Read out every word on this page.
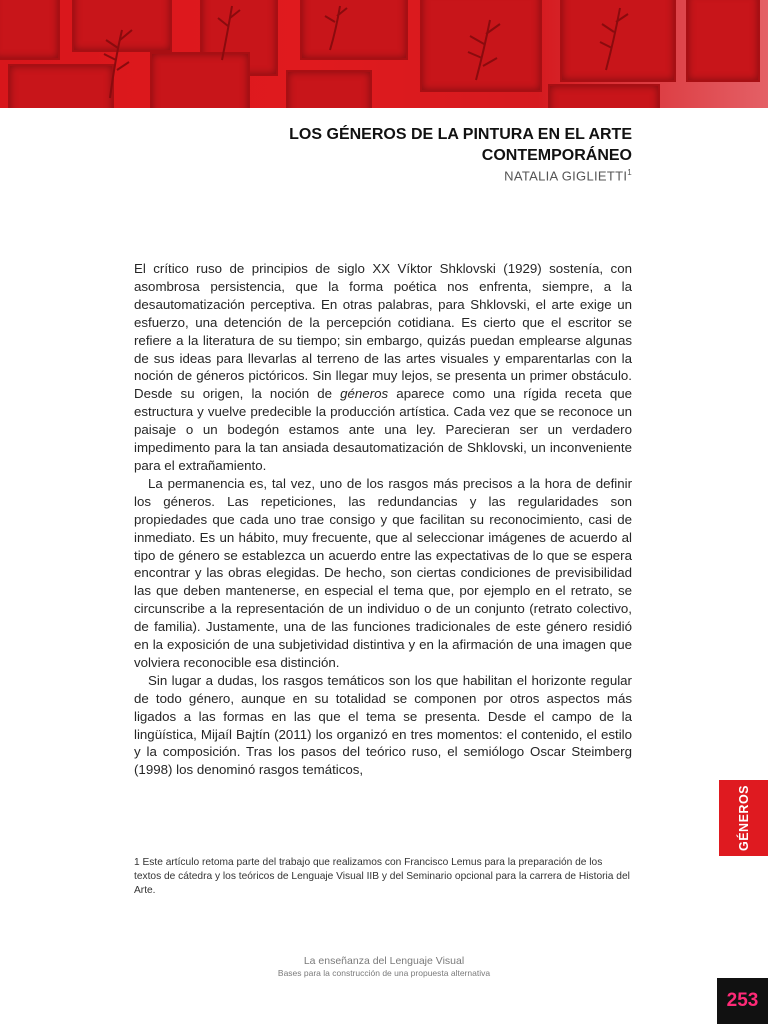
LOS GÉNEROS DE LA PINTURA EN EL ARTE
CONTEMPORÁNEO
NATALIA GIGLIETTI$^1$

El crítico ruso de principios de siglo XX Víktor Shklovski (1929) sostenía, con asombrosa persistencia, que la forma poética nos enfrenta, siempre, a la desautomatización perceptiva. En otras palabras, para Shklovski, el arte exige un esfuerzo, una detención de la percepción cotidiana. Es cierto que el escritor se refiere a la literatura de su tiempo; sin embargo, quizás puedan emplearse algunas de sus ideas para llevarlas al terreno de las artes visuales y emparentarlas con la noción de géneros pictóricos. Sin llegar muy lejos, se presenta un primer obstáculo. Desde su origen, la noción de géneros aparece como una rígida receta que estructura y vuelve predecible la producción artística. Cada vez que se reconoce un paisaje o un bodegón estamos ante una ley. Parecieran ser un verdadero impedimento para la tan ansiada desautomatización de Shklovski, un inconveniente para el extrañamiento.

La permanencia es, tal vez, uno de los rasgos más precisos a la hora de definir los géneros. Las repeticiones, las redundancias y las regularidades son propiedades que cada uno trae consigo y que facilitan su reconocimiento, casi de inmediato. Es un hábito, muy frecuente, que al seleccionar imágenes de acuerdo al tipo de género se establezca un acuerdo entre las expectativas de lo que se espera encontrar y las obras elegidas. De hecho, son ciertas condiciones de previsibilidad las que deben mantenerse, en especial el tema que, por ejemplo en el retrato, se circunscribe a la representación de un individuo o de un conjunto (retrato colectivo, de familia). Justamente, una de las funciones tradicionales de este género residió en la exposición de una subjetividad distintiva y en la afirmación de una imagen que volviera reconocible esa distinción.

Sin lugar a dudas, los rasgos temáticos son los que habilitan el horizonte regular de todo género, aunque en su totalidad se componen por otros aspectos más ligados a las formas en las que el tema se presenta. Desde el campo de la lingüística, Mijaíl Bajtín (2011) los organizó en tres momentos: el contenido, el estilo y la composición. Tras los pasos del teórico ruso, el semiólogo Oscar Steimberg (1998) los denominó rasgos temáticos,

1 Este artículo retoma parte del trabajo que realizamos con Francisco Lemus para la preparación de los textos de cátedra y los teóricos de Lenguaje Visual IIB y del Seminario opcional para la carrera de Historia del Arte.
GÉNEROS
La enseñanza del Lenguaje Visual
Bases para la construcción de una propuesta alternativa
253
